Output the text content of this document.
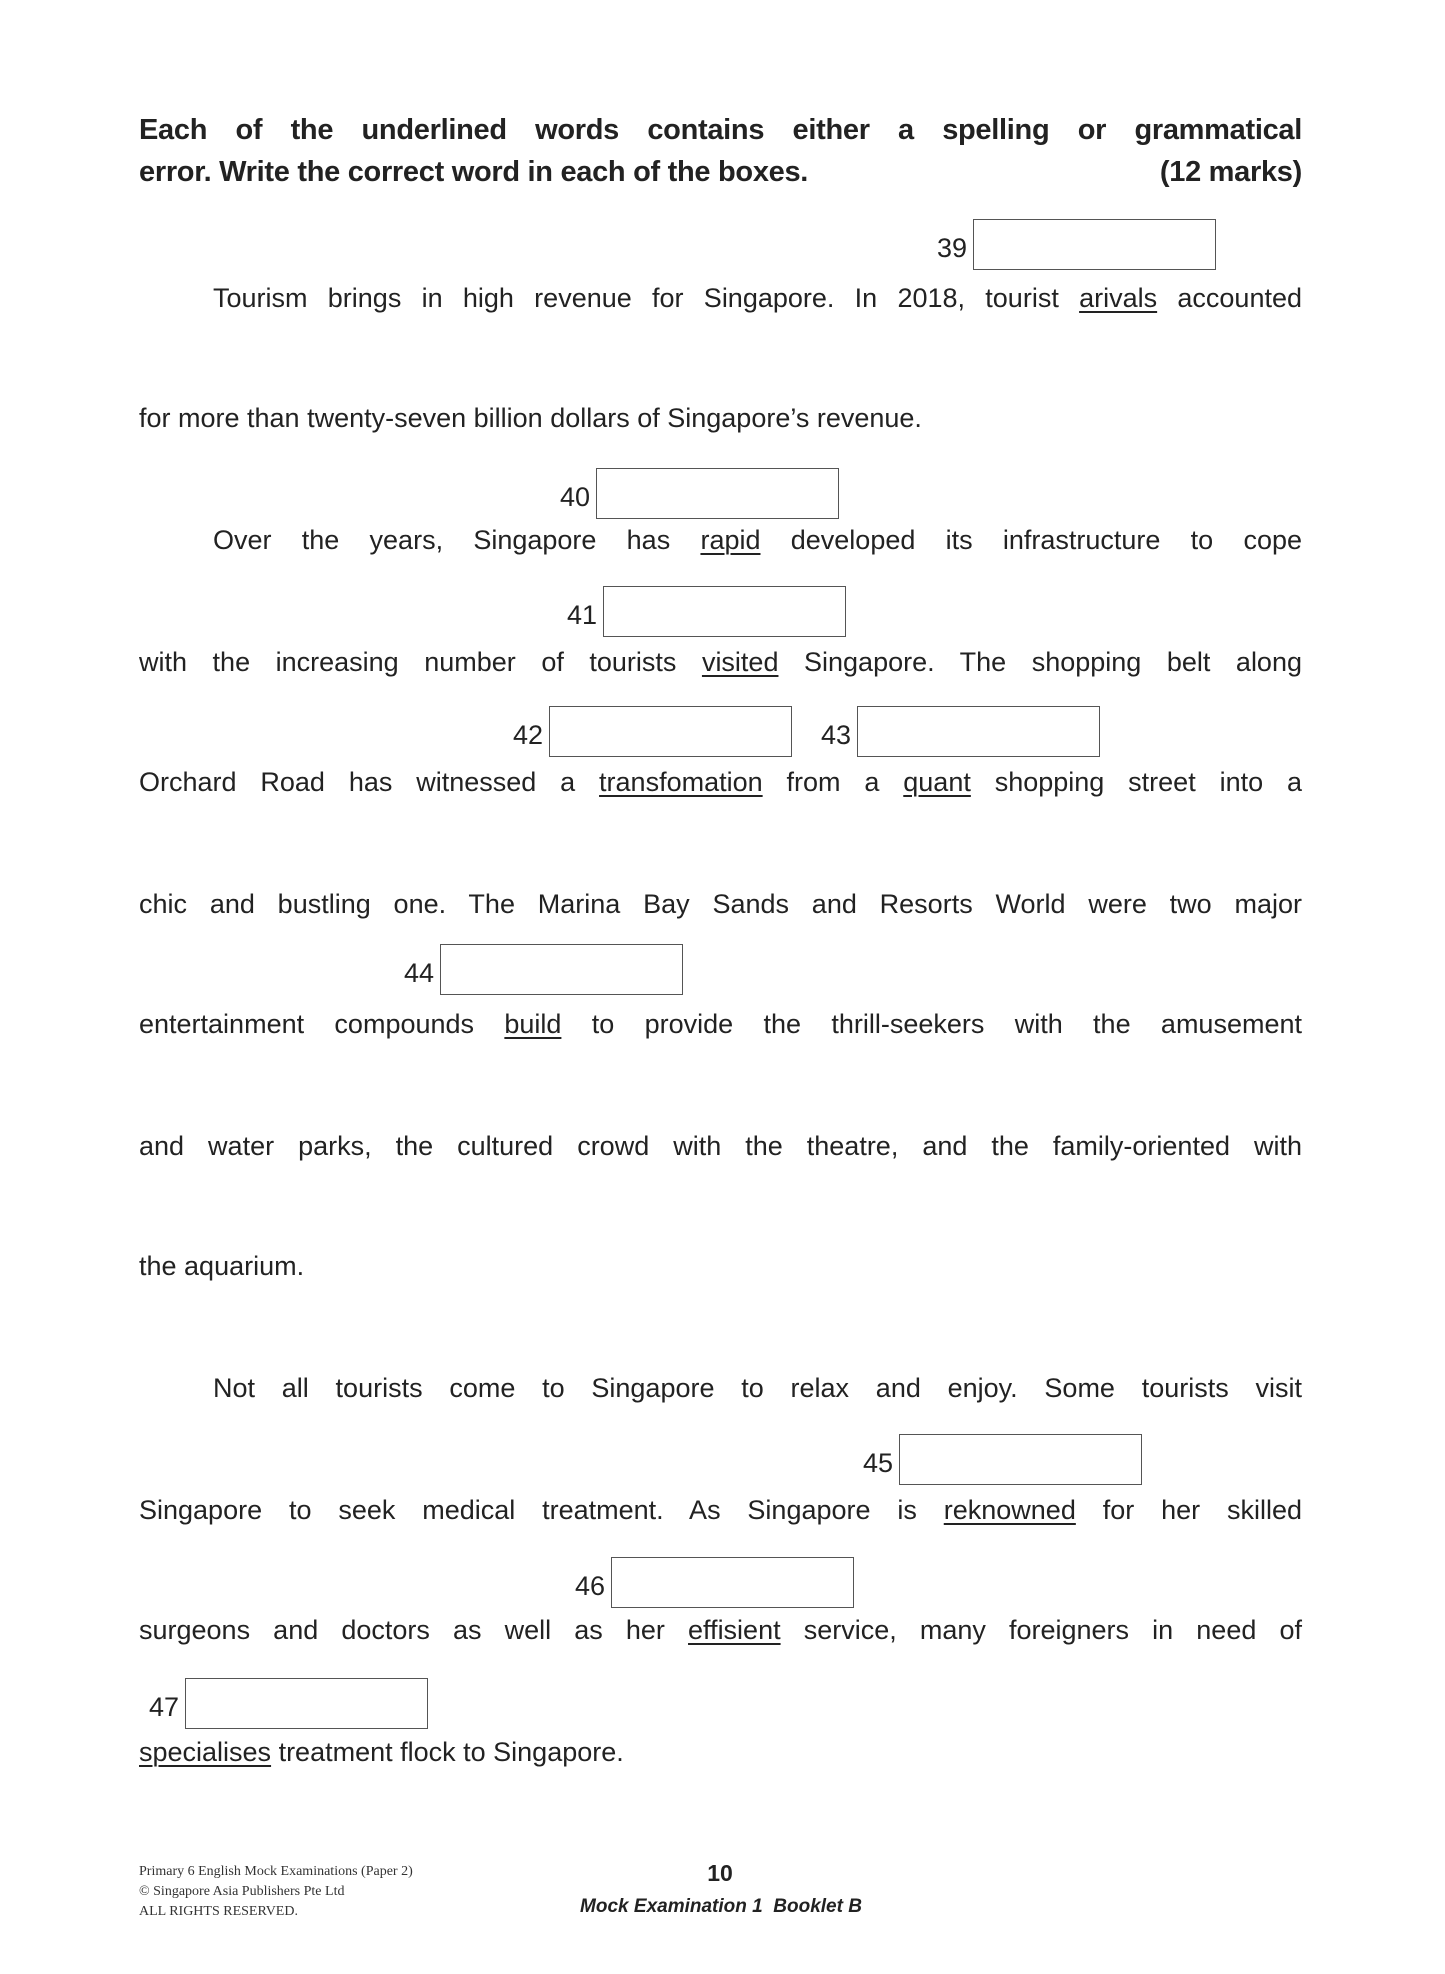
Each of the underlined words contains either a spelling or grammatical
error. Write the correct word in each of the boxes.	(12 marks)
Tourism brings in high revenue for Singapore. In 2018, tourist arivals accounted
for more than twenty-seven billion dollars of Singapore’s revenue.
Over the years, Singapore has rapid developed its infrastructure to cope
with the increasing number of tourists visited Singapore. The shopping belt along
Orchard Road has witnessed a transfomation from a quant shopping street into a
chic and bustling one. The Marina Bay Sands and Resorts World were two major
entertainment compounds build to provide the thrill-seekers with the amusement
and water parks, the cultured crowd with the theatre, and the family-oriented with
the aquarium.
Not all tourists come to Singapore to relax and enjoy. Some tourists visit
Singapore to seek medical treatment. As Singapore is reknowned for her skilled
surgeons and doctors as well as her effisient service, many foreigners in need of
specialises treatment flock to Singapore.
39
40
41
42	43
44
45
46
47
Primary 6 English Mock Examinations (Paper 2)
© Singapore Asia Publishers Pte Ltd
ALL RIGHTS RESERVED.
10
Mock Examination 1  Booklet B
